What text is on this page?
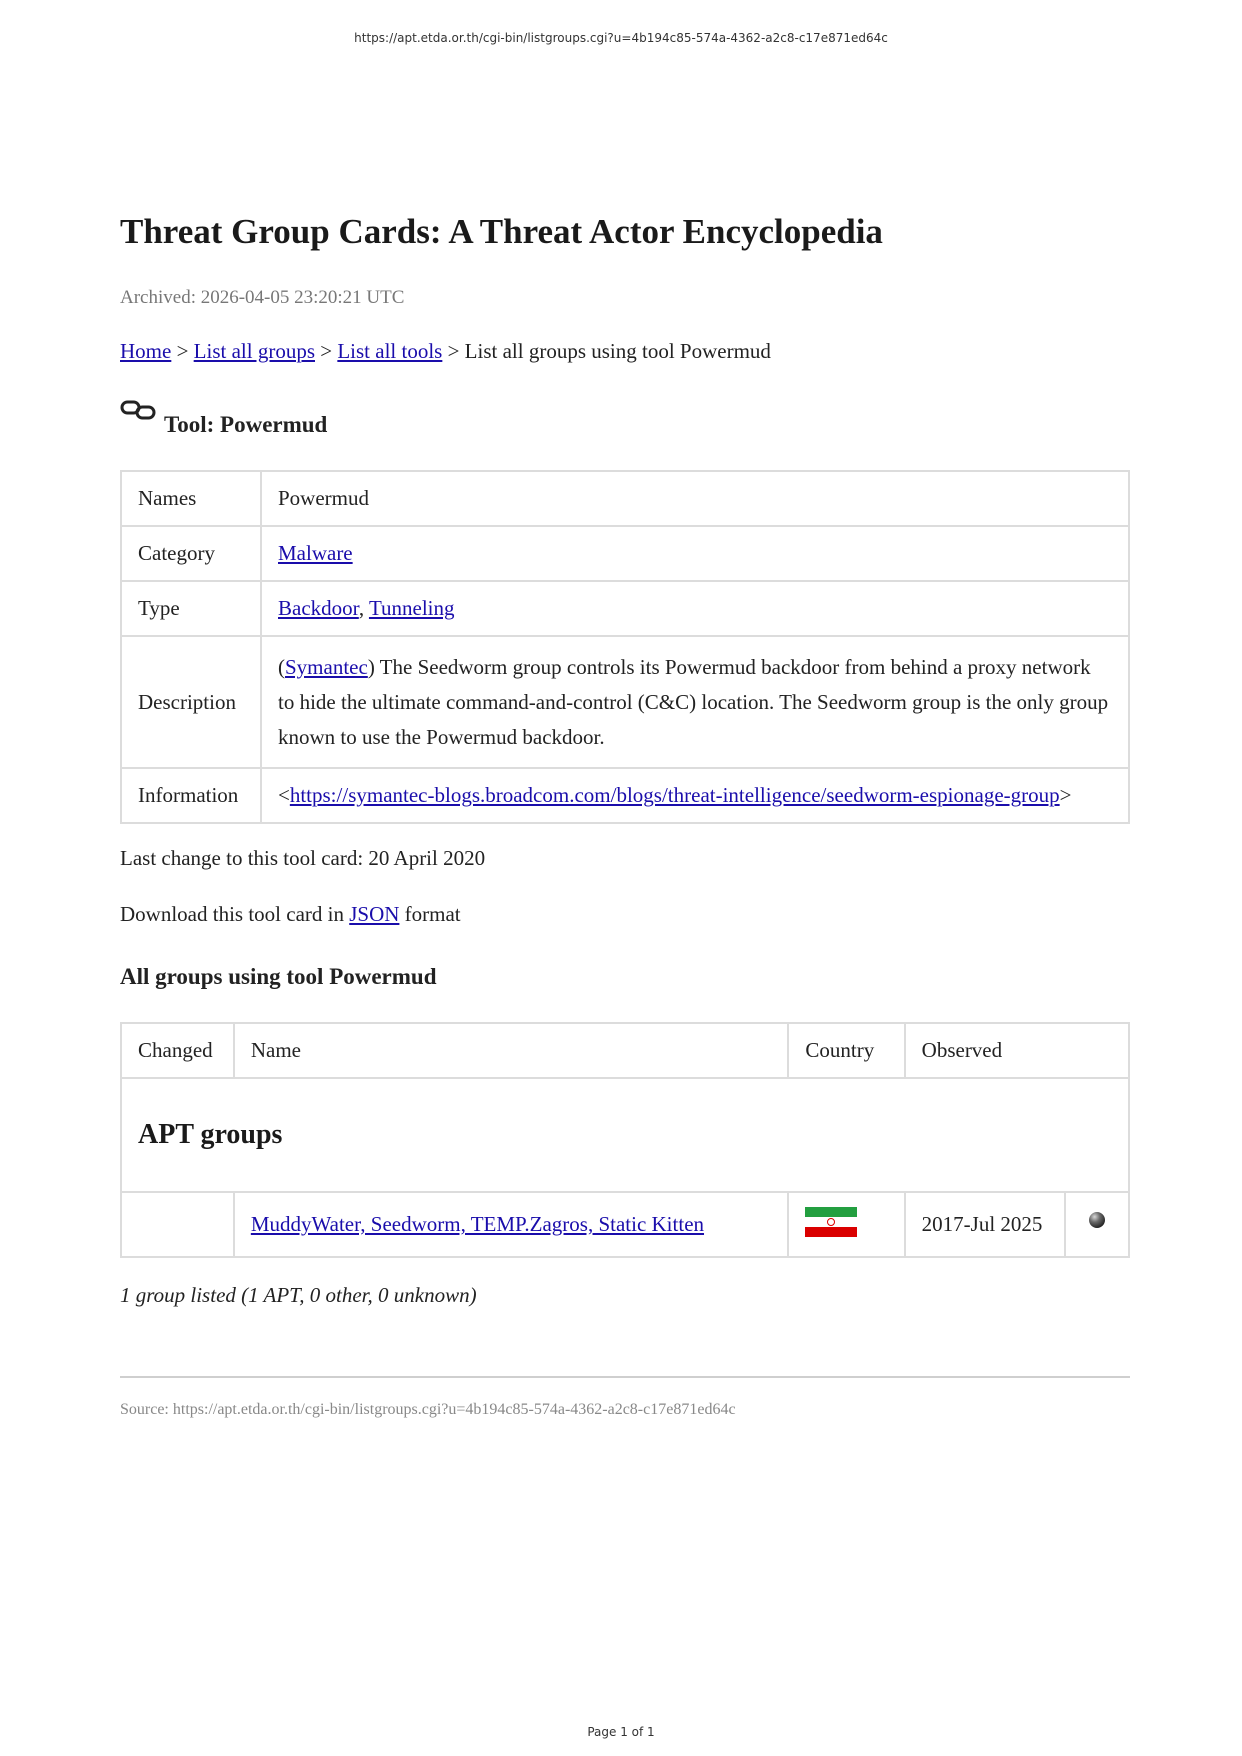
https://apt.etda.or.th/cgi-bin/listgroups.cgi?u=4b194c85-574a-4362-a2c8-c17e871ed64c
Threat Group Cards: A Threat Actor Encyclopedia
Archived: 2026-04-05 23:20:21 UTC
Home > List all groups > List all tools > List all groups using tool Powermud
Tool: Powermud
Names	Powermud
Category	Malware
Type	Backdoor, Tunneling
Description	(Symantec) The Seedworm group controls its Powermud backdoor from behind a proxy network to hide the ultimate command-and-control (C&C) location. The Seedworm group is the only group known to use the Powermud backdoor.
Information	<https://symantec-blogs.broadcom.com/blogs/threat-intelligence/seedworm-espionage-group>
Last change to this tool card: 20 April 2020
Download this tool card in JSON format
All groups using tool Powermud
Changed	Name	Country	Observed	
APT groups				
	MuddyWater, Seedworm, TEMP.Zagros, Static Kitten		2017-Jul 2025	
1 group listed (1 APT, 0 other, 0 unknown)
Source: https://apt.etda.or.th/cgi-bin/listgroups.cgi?u=4b194c85-574a-4362-a2c8-c17e871ed64c
Page 1 of 1
